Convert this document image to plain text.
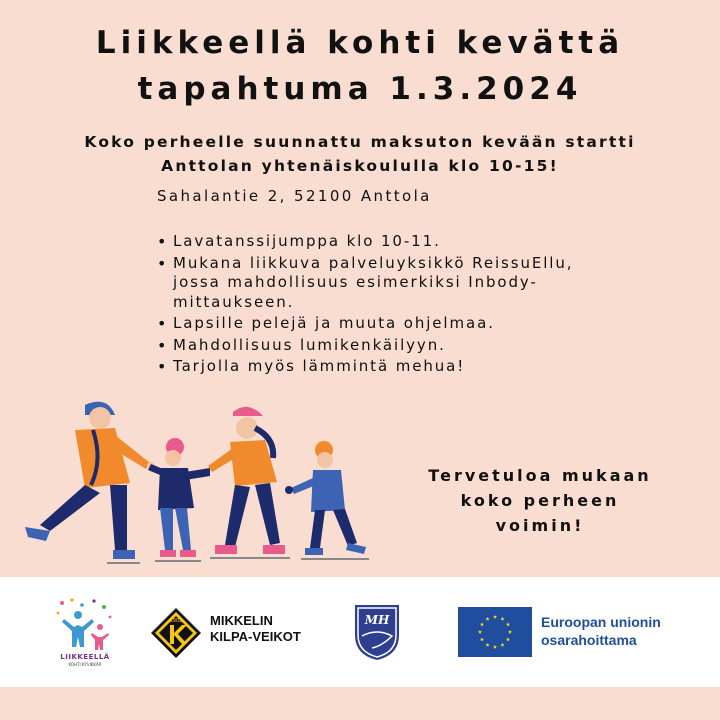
Liikkeellä kohti kevättä
tapahtuma 1.3.2024
Koko perheelle suunnattu maksuton kevään startti
Anttolan yhtenäiskoululla klo 10-15!
Sahalantie 2, 52100 Anttola
• Lavatanssijumppa klo 10-11.
• Mukana liikkuva palveluyksikkö ReissuEllu, jossa mahdollisuus esimerkiksi Inbody- mittaukseen.
• Lapsille pelejä ja muuta ohjelmaa.
• Mahdollisuus lumikenkäilyyn.
• Tarjolla myös lämmintä mehua!
Tervetuloa mukaan
koko perheen
voimin!
LIIKKEELLÄ
KOHTI KYVIKKÄÄ
1902 MIKKELIN
KILPA-VEIKOT
MH	Euroopan unionin
osarahoittama
